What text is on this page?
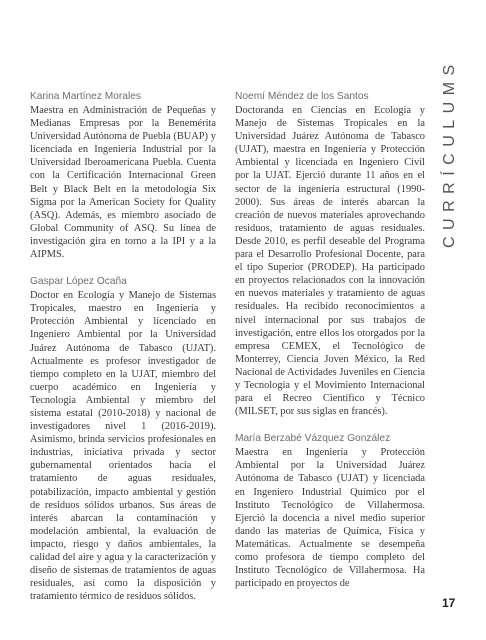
Karina Martínez Morales

Maestra en Administración de Pequeñas y Medianas Empresas por la Benemérita Universidad Autónoma de Puebla (BUAP) y licenciada en Ingeniería Industrial por la Universidad Iberoamericana Puebla. Cuenta con la Certificación Internacional Green Belt y Black Belt en la metodología Six Sigma por la American Society for Quality (ASQ). Además, es miembro asociado de Global Community of ASQ. Su línea de investigación gira en torno a la IPI y a la AIPMS.

Gaspar López Ocaña

Doctor en Ecología y Manejo de Sistemas Tropicales, maestro en Ingeniería y Protección Ambiental y licenciado en Ingeniero Ambiental por la Universidad Juárez Autónoma de Tabasco (UJAT). Actualmente es profesor investigador de tiempo completo en la UJAT, miembro del cuerpo académico en Ingeniería y Tecnología Ambiental y miembro del sistema estatal (2010-2018) y nacional de investigadores nivel 1 (2016-2019). Asimismo, brinda servicios profesionales en industrias, iniciativa privada y sector gubernamental orientados hacia el tratamiento de aguas residuales, potabilización, impacto ambiental y gestión de residuos sólidos urbanos. Sus áreas de interés abarcan la contaminación y modelación ambiental, la evaluación de impacto, riesgo y daños ambientales, la calidad del aire y agua y la caracterización y diseño de sistemas de tratamientos de aguas residuales, así como la disposición y tratamiento térmico de residuos sólidos.

Noemí Méndez de los Santos

Doctoranda en Ciencias en Ecología y Manejo de Sistemas Tropicales en la Universidad Juárez Autónoma de Tabasco (UJAT), maestra en Ingeniería y Protección Ambiental y licenciada en Ingeniero Civil por la UJAT. Ejerció durante 11 años en el sector de la ingeniería estructural (1990-2000). Sus áreas de interés abarcan la creación de nuevos materiales aprovechando residuos, tratamiento de aguas residuales. Desde 2010, es perfil deseable del Programa para el Desarrollo Profesional Docente, para el tipo Superior (PRODEP). Ha participado en proyectos relacionados con la innovación en nuevos materiales y tratamiento de aguas residuales. Ha recibido reconocimientos a nivel internacional por sus trabajos de investigación, entre ellos los otorgados por la empresa CEMEX, el Tecnológico de Monterrey, Ciencia Joven México, la Red Nacional de Actividades Juveniles en Ciencia y Tecnología y el Movimiento Internacional para el Recreo Científico y Técnico (MILSET, por sus siglas en francés).

María Berzabé Vázquez González

Maestra en Ingeniería y Protección Ambiental por la Universidad Juárez Autónoma de Tabasco (UJAT) y licenciada en Ingeniero Industrial Químico por el Instituto Tecnológico de Villahermosa. Ejerció la docencia a nivel medio superior dando las materias de Química, Física y Matemáticas. Actualmente se desempeña como profesora de tiempo completo del Instituto Tecnológico de Villahermosa. Ha participado en proyectos de

CURRÍCULUMS
17
